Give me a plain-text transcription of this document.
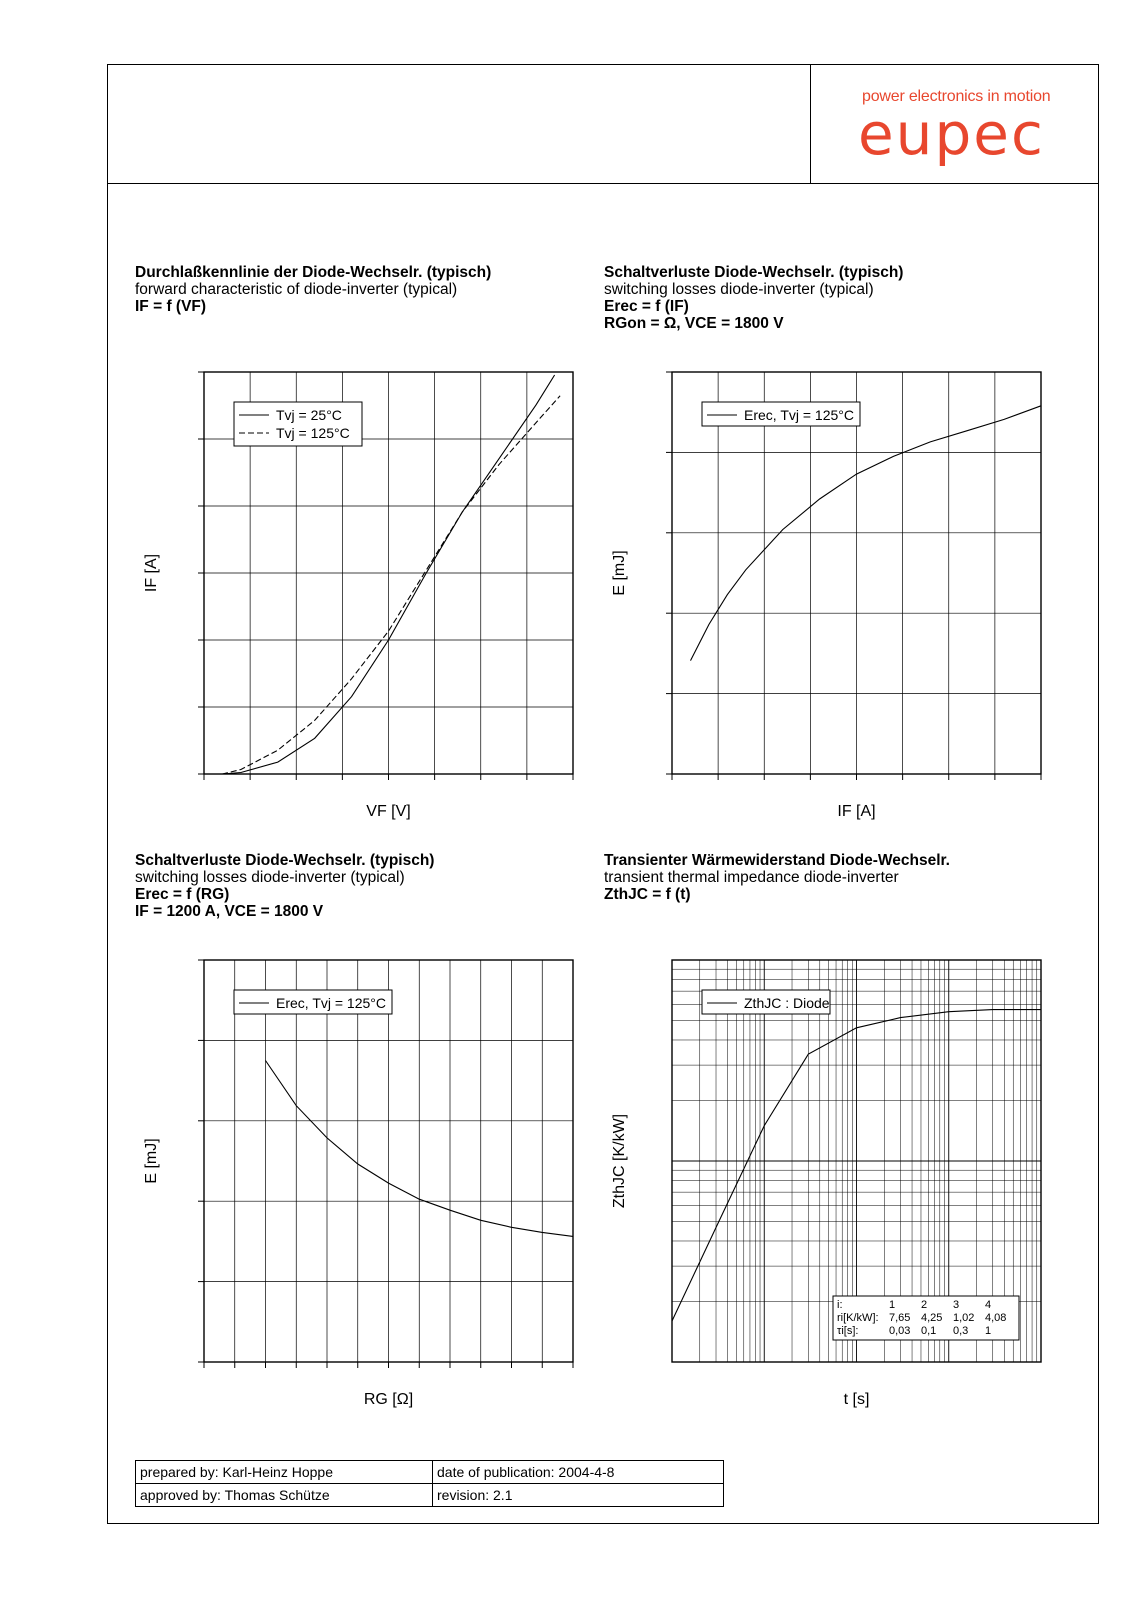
power electronics in motion
eupec
Durchlaßkennlinie der Diode-Wechselr. (typisch)
forward characteristic of diode-inverter (typical)
IF = f (VF)
Schaltverluste Diode-Wechselr. (typisch)
switching losses diode-inverter (typical)
Erec = f (IF)
RGon = Ω, VCE = 1800 V
Schaltverluste Diode-Wechselr. (typisch)
switching losses diode-inverter (typical)
Erec = f (RG)
IF = 1200 A, VCE = 1800 V
Transienter Wärmewiderstand Diode-Wechselr.
transient thermal impedance diode-inverter
ZthJC = f (t)
Tvj = 25°C
Tvj = 125°C
VF [V]
IF [A]
Erec, Tvj = 125°C
IF [A]
E [mJ]
Erec, Tvj = 125°C
RG [Ω]
E [mJ]
ZthJC : Diode
t [s]
ZthJC [K/kW]
i:	1 2 3 4
ri[K/kW]: 7,65 4,25 1,02 4,08
τi[s]:	0,03 0,1 0,3 1
prepared by: Karl-Heinz Hoppe	date of publication: 2004-4-8
approved by: Thomas Schütze	revision: 2.1
